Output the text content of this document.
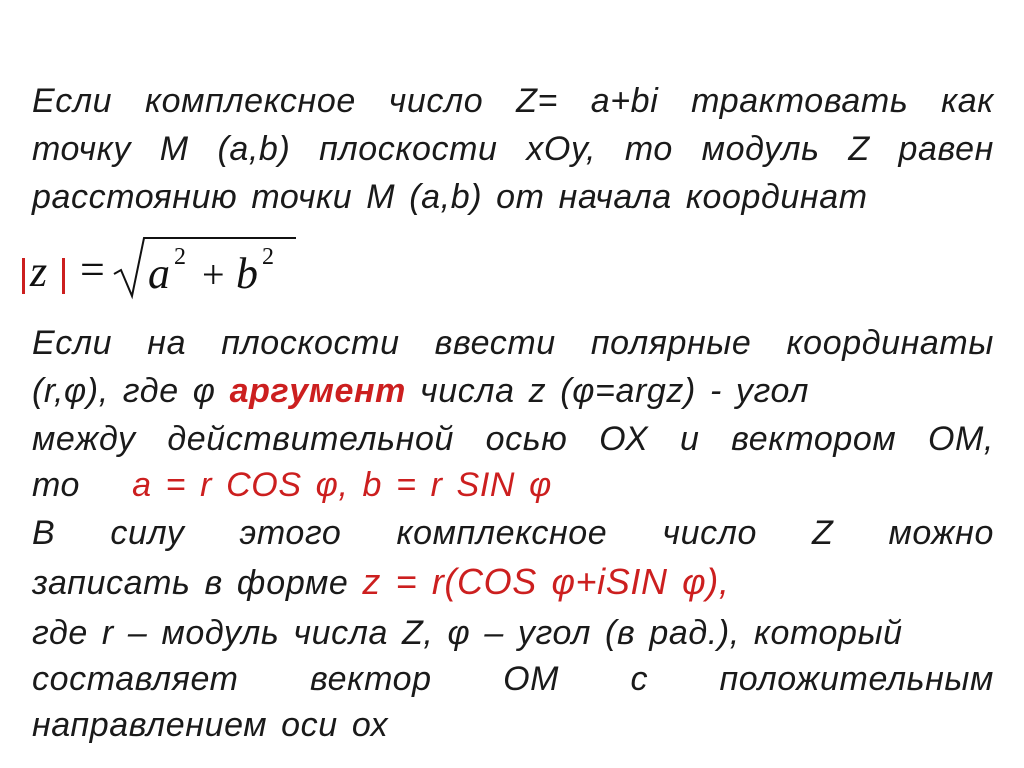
Если комплексное число Z= a+bi трактовать как
точку М (a,b) плоскости xOy, то модуль Z равен
расстоянию точки М (a,b) от начала координат
z = a 2 + b 2
Если на плоскости ввести полярные координаты
(r,φ), где φ аргумент числа z (φ=argz) - угол
между действительной осью ОХ и вектором ОМ,
то a = r COS φ, b = r SIN φ
В силу этого комплексное число Z можно
записать в форме z = r(COS φ+iSIN φ),
где r – модуль числа Z, φ – угол (в рад.), который
составляет вектор ОМ с положительным
направлением оси ох
